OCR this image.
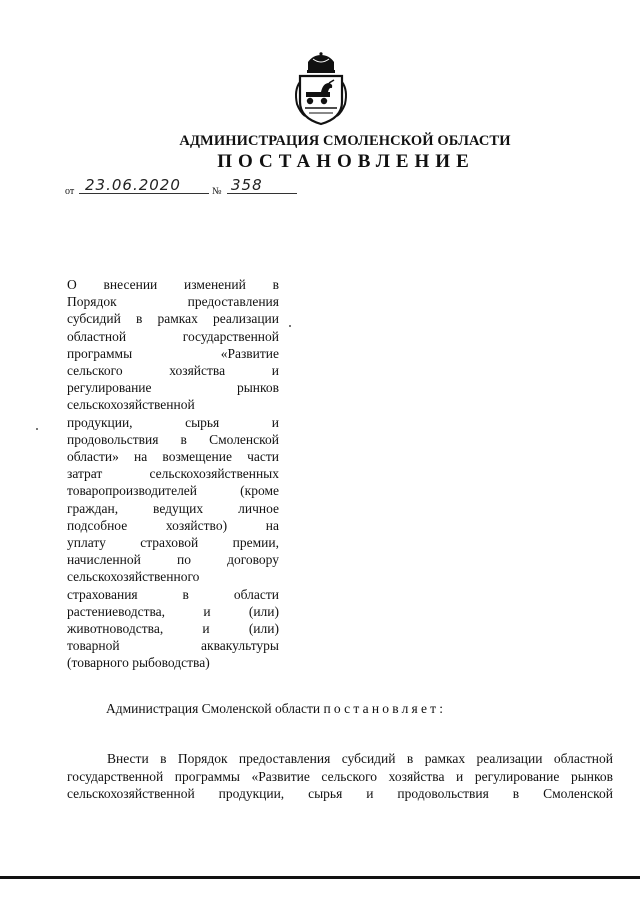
АДМИНИСТРАЦИЯ СМОЛЕНСКОЙ ОБЛАСТИ
ПОСТАНОВЛЕНИЕ
от 23.06.2020	№ 358
О внесении изменений в
Порядок предоставления
субсидий в рамках реализации
областной государственной
программы «Развитие
сельского хозяйства и
регулирование рынков
сельскохозяйственной
продукции, сырья и
продовольствия в Смоленской
области» на возмещение части
затрат сельскохозяйственных
товаропроизводителей (кроме
граждан, ведущих личное
подсобное хозяйство) на
уплату страховой премии,
начисленной по договору
сельскохозяйственного
страхования в области
растениеводства, и (или)
животноводства, и (или)
товарной аквакультуры
(товарного рыбоводства)
Администрация Смоленской области постановляет:
Внести в Порядок предоставления субсидий в рамках реализации областной государственной программы «Развитие сельского хозяйства и регулирование рынков сельскохозяйственной продукции, сырья и продовольствия в Смоленской
